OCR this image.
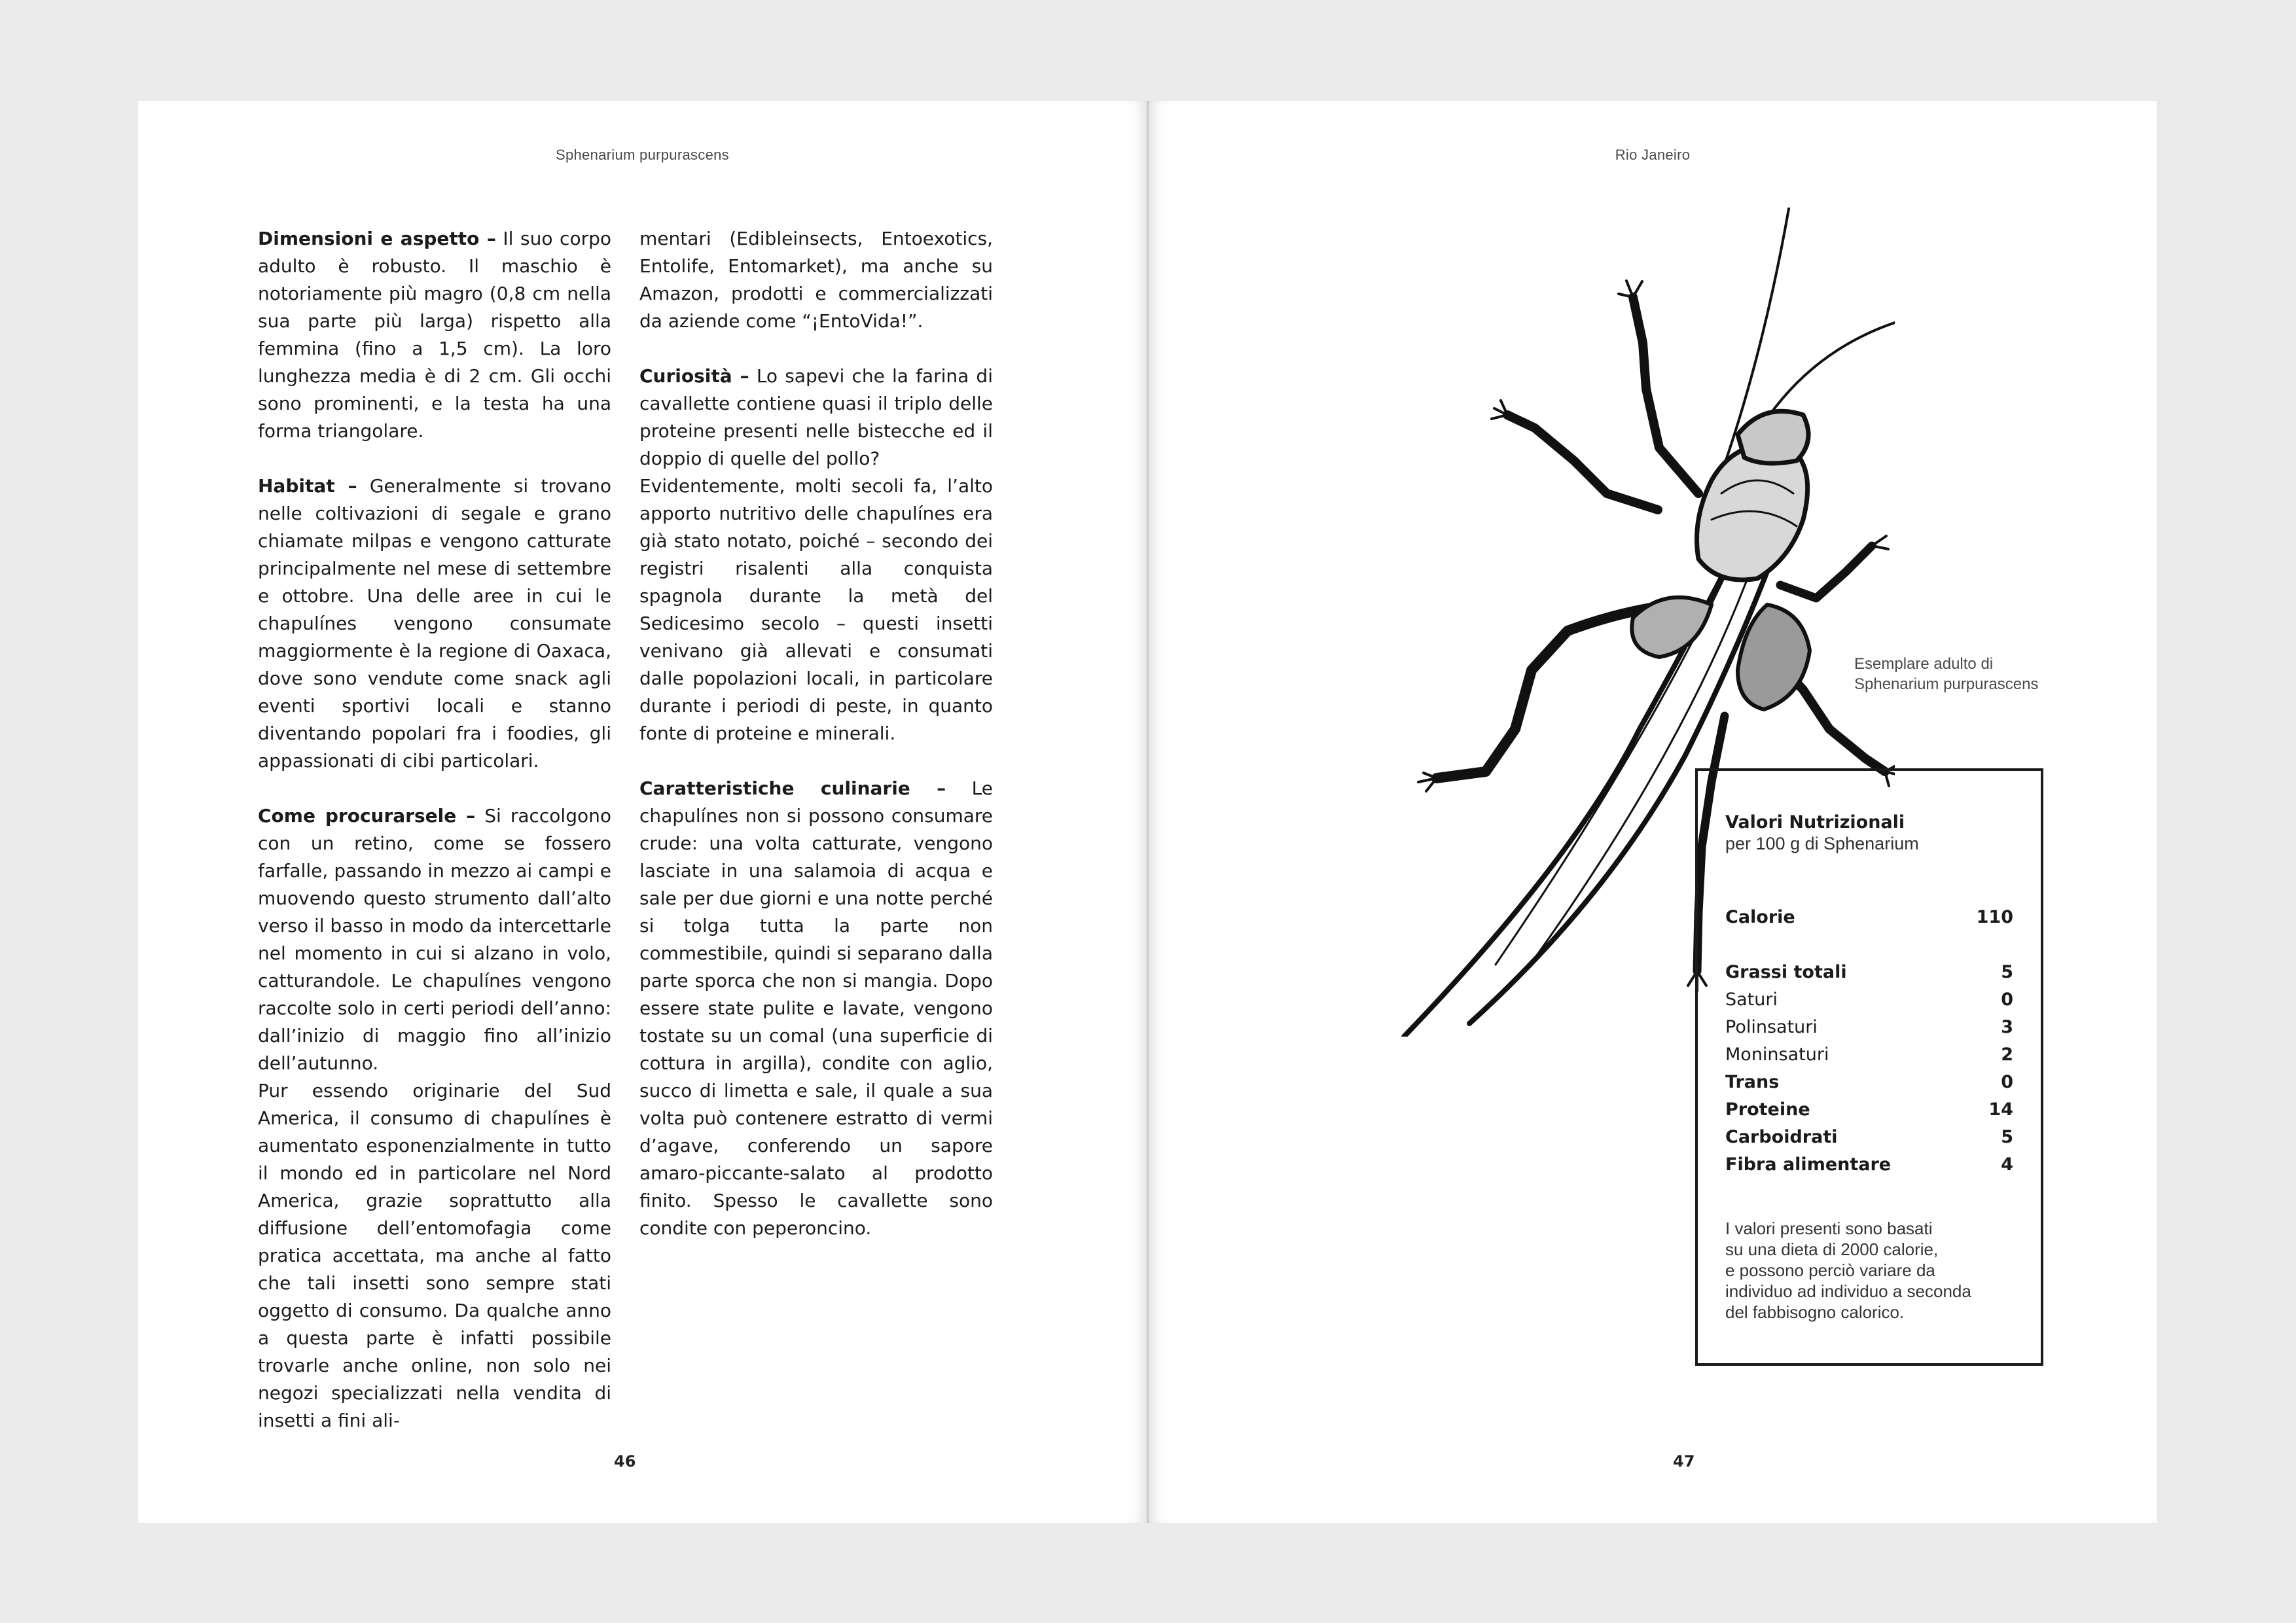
Sphenarium purpurascens

Dimensioni e aspetto – Il suo corpo adulto è robusto. Il maschio è notoriamente più magro (0,8 cm nella sua parte più larga) rispetto alla femmina (fino a 1,5 cm). La loro lunghezza media è di 2 cm. Gli occhi sono prominenti, e la testa ha una forma triangolare.

Habitat – Generalmente si trovano nelle coltivazioni di segale e grano chiamate milpas e vengono catturate principalmente nel mese di settembre e ottobre. Una delle aree in cui le chapulínes vengono consumate maggiormente è la regione di Oaxaca, dove sono vendute come snack agli eventi sportivi locali e stanno diventando popolari fra i foodies, gli appassionati di cibi particolari.

Come procurarsele – Si raccolgono con un retino, come se fossero farfalle, passando in mezzo ai campi e muovendo questo strumento dall’alto verso il basso in modo da intercettarle nel momento in cui si alzano in volo, catturandole. Le chapulínes vengono raccolte solo in certi periodi dell’anno: dall’inizio di maggio fino all’inizio dell’autunno.

Pur essendo originarie del Sud America, il consumo di chapulínes è aumentato esponenzialmente in tutto il mondo ed in particolare nel Nord America, grazie soprattutto alla diffusione dell’entomofagia come pratica accettata, ma anche al fatto che tali insetti sono sempre stati oggetto di consumo. Da qualche anno a questa parte è infatti possibile trovarle anche online, non solo nei negozi specializzati nella vendita di insetti a fini ali-

mentari (Edibleinsects, Entoexotics, Entolife, Entomarket), ma anche su Amazon, prodotti e commercializzati da aziende come “¡EntoVida!”.

Curiosità – Lo sapevi che la farina di cavallette contiene quasi il triplo delle proteine presenti nelle bistecche ed il doppio di quelle del pollo?

Evidentemente, molti secoli fa, l’alto apporto nutritivo delle chapulínes era già stato notato, poiché – secondo dei registri risalenti alla conquista spagnola durante la metà del Sedicesimo secolo – questi insetti venivano già allevati e consumati dalle popolazioni locali, in particolare durante i periodi di peste, in quanto fonte di proteine e minerali.

Caratteristiche culinarie – Le chapulínes non si possono consumare crude: una volta catturate, vengono lasciate in una salamoia di acqua e sale per due giorni e una notte perché si tolga tutta la parte non commestibile, quindi si separano dalla parte sporca che non si mangia. Dopo essere state pulite e lavate, vengono tostate su un comal (una superficie di cottura in argilla), condite con aglio, succo di limetta e sale, il quale a sua volta può contenere estratto di vermi d’agave, conferendo un sapore amaro-piccante-salato al prodotto finito. Spesso le cavallette sono condite con peperoncino.

46
Rio Janeiro
Esemplare adulto di
Sphenarium purpurascens
Valori Nutrizionali
per 100 g di Sphenarium
Calorie	110
Grassi totali	5
Saturi	0
Polinsaturi	3
Moninsaturi	2
Trans	0
Proteine	14
Carboidrati	5
Fibra alimentare	4
I valori presenti sono basati
su una dieta di 2000 calorie,
e possono perciò variare da
individuo ad individuo a seconda
del fabbisogno calorico.
47
